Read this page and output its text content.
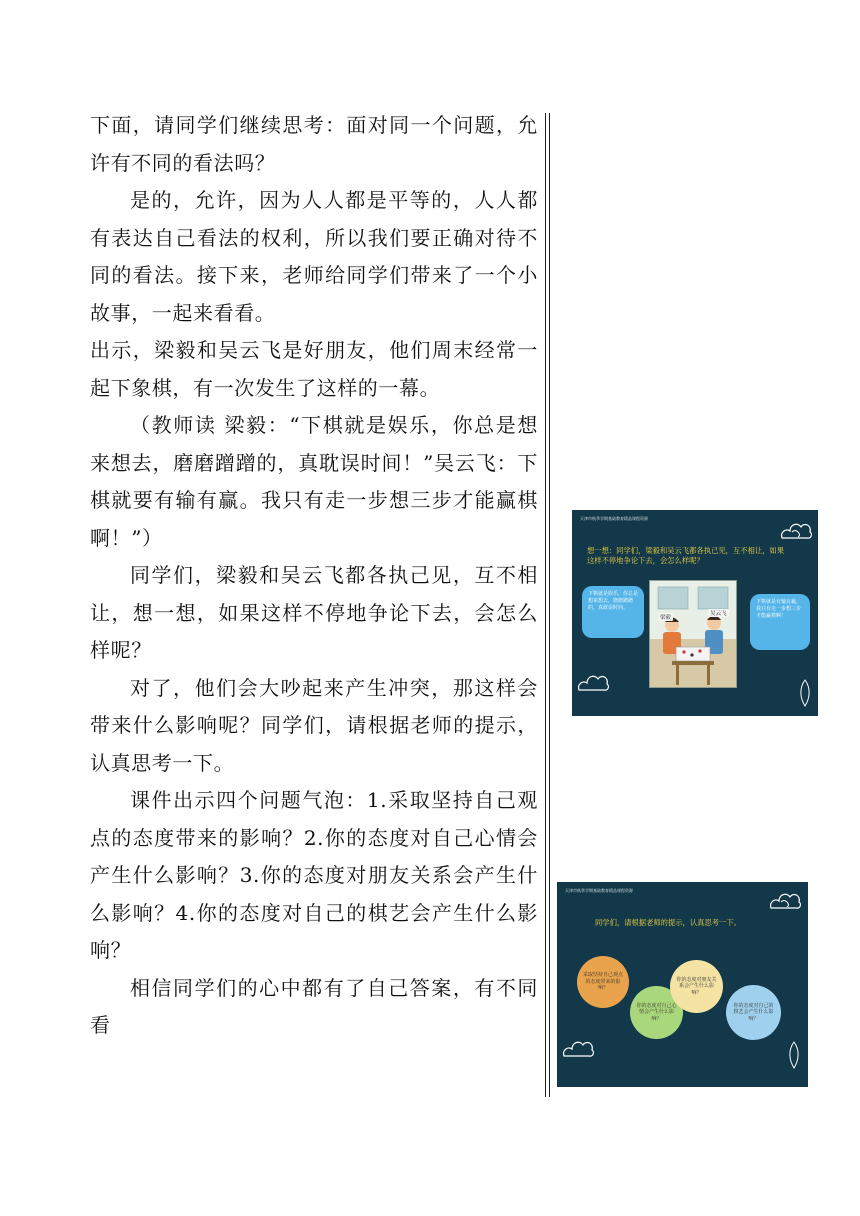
下面，请同学们继续思考：面对同一个问题，允许有不同的看法吗？

是的，允许，因为人人都是平等的，人人都有表达自己看法的权利，所以我们要正确对待不同的看法。接下来，老师给同学们带来了一个小故事，一起来看看。

出示，梁毅和吴云飞是好朋友，他们周末经常一起下象棋，有一次发生了这样的一幕。

（教师读 梁毅：“下棋就是娱乐，你总是想来想去，磨磨蹭蹭的，真耽误时间！”吴云飞：下棋就要有输有赢。我只有走一步想三步才能赢棋啊！”）

同学们，梁毅和吴云飞都各执己见，互不相让，想一想，如果这样不停地争论下去，会怎么样呢？

对了，他们会大吵起来产生冲突，那这样会带来什么影响呢？同学们，请根据老师的提示，认真思考一下。

课件出示四个问题气泡：1.采取坚持自己观点的态度带来的影响？2.你的态度对自己心情会产生什么影响？3.你的态度对朋友关系会产生什么影响？4.你的态度对自己的棋艺会产生什么影响？

相信同学们的心中都有了自己答案，有不同看

天津市秋季学期基础教育精品课程资源
想一想：同学们，梁毅和吴云飞都各执己见，互不相让，如果这样不停地争论下去，会怎么样呢？
下棋就是娱乐，你总是想来想去，磨磨蹭蹭的，真耽误时间。
梁毅
吴云飞
下棋就是有输有赢，我只有走一步想三步才能赢棋啊！
天津市秋季学期基础教育精品课程资源
同学们，请根据老师的提示，认真思考一下。
采取坚持自己观点的态度带来的影响？
你的态度对自己心情会产生什么影响？
你的态度对朋友关系会产生什么影响？
你的态度对自己的棋艺会产生什么影响？
